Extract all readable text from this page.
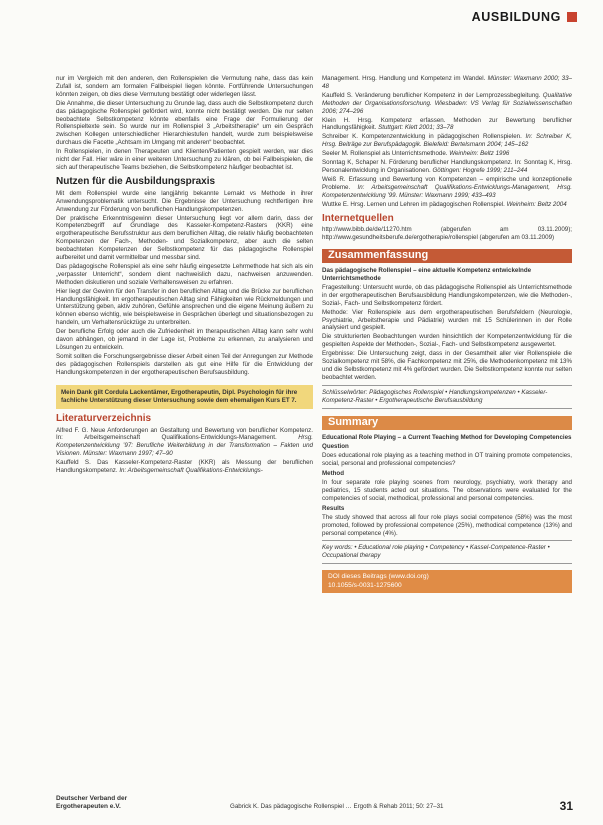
AUSBILDUNG

nur im Vergleich mit den anderen, den Rollenspielen die Vermutung nahe, dass das kein Zufall ist, sondern am formalen Fallbeispiel liegen könnte. Fortführende Untersuchungen könnten zeigen, ob dies diese Vermutung bestätigt oder widerlegen lässt.

Die Annahme, die dieser Untersuchung zu Grunde lag, dass auch die Selbstkompetenz durch das pädagogische Rollenspiel gefördert wird, konnte nicht bestätigt werden. Die nur selten beobachtete Selbstkompetenz könnte ebenfalls eine Frage der Formulierung der Rollenspieltexte sein. So wurde nur im Rollenspiel 3 „Arbeitstherapie“ um ein Gespräch zwischen Kollegen unterschiedlicher Hierarchiestufen handelt, wurde zum beispielsweise durchaus die Facette „Achtsam im Umgang mit anderen“ beobachtet.

In Rollenspielen, in denen Therapeuten und Klienten/Patienten gespielt werden, war dies nicht der Fall. Hier wäre in einer weiteren Untersuchung zu klären, ob bei Fallbeispielen, die sich auf therapeutische Teams beziehen, die Selbstkompetenz häufiger beobachtet ist.

Nutzen für die Ausbildungspraxis

Mit dem Rollenspiel wurde eine langjährig bekannte Lernakt vs Methode in ihrer Anwendungsproblematik untersucht. Die Ergebnisse der Untersuchung rechtfertigen ihre Anwendung zur Förderung von beruflichen Handlungskompetenzen.

Der praktische Erkenntnisgewinn dieser Untersuchung liegt vor allem darin, dass der Kompetenzbegriff auf Grundlage des Kasseler-Kompetenz-Rasters (KKR) eine ergotherapeutische Berufsstruktur aus dem beruflichen Alltag, die relativ häufig beobachteten Kompetenzen der Fach-, Methoden- und Sozialkompetenz, aber auch die selten beobachteten Kompetenzen der Selbstkompetenz für das pädagogische Rollenspiel aufbereitet und damit vermittelbar und messbar sind.

Das pädagogische Rollenspiel als eine sehr häufig eingesetzte Lehrmethode hat sich als ein „verpasster Unterricht“, sondern dient nachweislich dazu, nachweisen anzuwenden. Methoden diskutieren und soziale Verhaltensweisen zu erfahren.

Hier liegt der Gewinn für den Transfer in den beruflichen Alltag und die Brücke zur beruflichen Handlungsfähigkeit. Im ergotherapeutischen Alltag sind Fähigkeiten wie Rückmeldungen und Unterstützung geben, aktiv zuhören, Gefühle ansprechen und die eigene Meinung äußern zu können ebenso wichtig, wie beispielsweise in Gesprächen überlegt und situationsbezogen zu handeln, um Verhaltensrückzüge zu unterbreiten.

Der berufliche Erfolg oder auch die Zufriedenheit im therapeutischen Alltag kann sehr wohl davon abhängen, ob jemand in der Lage ist, Probleme zu erkennen, zu analysieren und Lösungen zu entwickeln.

Somit sollten die Forschungsergebnisse dieser Arbeit einen Teil der Anregungen zur Methode des pädagogischen Rollenspiels darstellen als gut eine Hilfe für die Entwicklung der Handlungskompetenzen in der ergotherapeutischen Berufsausbildung.

Mein Dank gilt Cordula Lackentämer, Ergotherapeutin, Dipl. Psychologin für ihre fachliche Unterstützung dieser Untersuchung sowie dem ehemaligen Kurs ET 7.
Literaturverzeichnis
Alfred F. G. Neue Anforderungen an Gestaltung und Bewertung von beruflicher Kompetenz. In: Arbeitsgemeinschaft Qualifikations-Entwicklungs-Management.	Hrsg. Kompetenzentwicklung ’97: Berufliche Weiterbildung in der Transformation – Fakten und Visionen. Münster: Waxmann 1997; 47–90
Kauffeld S. Das Kasseler-Kompetenz-Raster (KKR) als Messung der beruflichen Handlungskompetenz. In: Arbeitsgemeinschaft Qualifikations-Entwicklungs-
Management. Hrsg. Handlung und Kompetenz im Wandel. Münster: Waxmann 2000; 33–48
Kauffeld S. Veränderung beruflicher Kompetenz in der Lernprozessbegleitung. Qualitative Methoden der Organisationsforschung. Wiesbaden: VS Verlag für Sozialwissenschaften 2006; 274–296
Klein H. Hrsg. Kompetenz erfassen. Methoden zur Bewertung beruflicher Handlungsfähigkeit. Stuttgart: Klett 2001; 33–78
Schreiber K. Kompetenzentwicklung in pädagogischen Rollenspielen. In: Schreiber K, Hrsg. Beiträge zur Berufspädagogik. Bielefeld: Bertelsmann 2004; 145–162
Seeler M. Rollenspiel als Unterrichtsmethode. Weinheim: Beltz 1996
Sonntag K, Schaper N. Förderung beruflicher Handlungskompetenz. In: Sonntag K, Hrsg. Personalentwicklung in Organisationen. Göttingen: Hogrefe 1999; 211–244
Weiß R. Erfassung und Bewertung von Kompetenzen – empirische und konzeptionelle Probleme. In: Arbeitsgemeinschaft Qualifikations-Entwicklungs-Management, Hrsg. Kompetenzentwicklung ’99. Münster: Waxmann 1999; 433–493
Wuttke E. Hrsg. Lernen und Lehren im pädagogischen Rollenspiel. Weinheim: Beltz 2004
Internetquellen

http://www.bibb.de/de/11270.htm (abgerufen am 03.11.2009); http://www.gesundheitsberufe.de/ergotherapie/rollenspiel (abgerufen am 03.11.2009)

Zusammenfassung
Das pädagogische Rollenspiel – eine aktuelle Kompetenz entwickelnde Unterrichtsmethode

Fragestellung: Untersucht wurde, ob das pädagogische Rollenspiel als Unterrichtsmethode in der ergotherapeutischen Berufsausbildung Handlungskompetenzen, wie die Methoden-, Sozial-, Fach- und Selbstkompetenz fördert.

Methode: Vier Rollenspiele aus dem ergotherapeutischen Berufsfeldern (Neurologie, Psychiatrie, Arbeitstherapie und Pädiatrie) wurden mit 15 Schülerinnen in der Rolle analysiert und gespielt.

Die strukturierten Beobachtungen wurden hinsichtlich der Kompetenzentwicklung für die gespielten Aspekte der Methoden-, Sozial-, Fach- und Selbstkompetenz ausgewertet.

Ergebnisse: Die Untersuchung zeigt, dass in der Gesamtheit aller vier Rollenspiele die Sozialkompetenz mit 58%, die Fachkompetenz mit 25%, die Methodenkompetenz mit 13% und die Selbstkompetenz mit 4% gefördert wurden. Die Selbstkompetenz konnte nur selten beobachtet werden.

Schlüsselwörter: Pädagogisches Rollenspiel • Handlungskompetenzen • Kasseler-Kompetenz-Raster • Ergotherapeutische Berufsausbildung
Summary
Educational Role Playing – a Current Teaching Method for Developing Competencies
Question

Does educational role playing as a teaching method in OT training promote competencies, social, personal and professional competencies?

Method

In four separate role playing scenes from neurology, psychiatry, work therapy and pediatrics, 15 students acted out situations. The observations were evaluated for the competencies of social, methodical, professional and personal competencies.

Results

The study showed that across all four role plays social competence (58%) was the most promoted, followed by professional competence (25%), methodical competence (13%) and personal competence (4%).

Key words: • Educational role playing • Competency • Kassel-Competence-Raster • Occupational therapy
DOI dieses Beitrags (www.doi.org)
10.1055/s-0031-1275600
Deutscher Verband der
Ergotherapeuten e.V.	Gabrick K. Das pädagogische Rollenspiel … Ergoth & Rehab 2011; 50: 27–31	31
